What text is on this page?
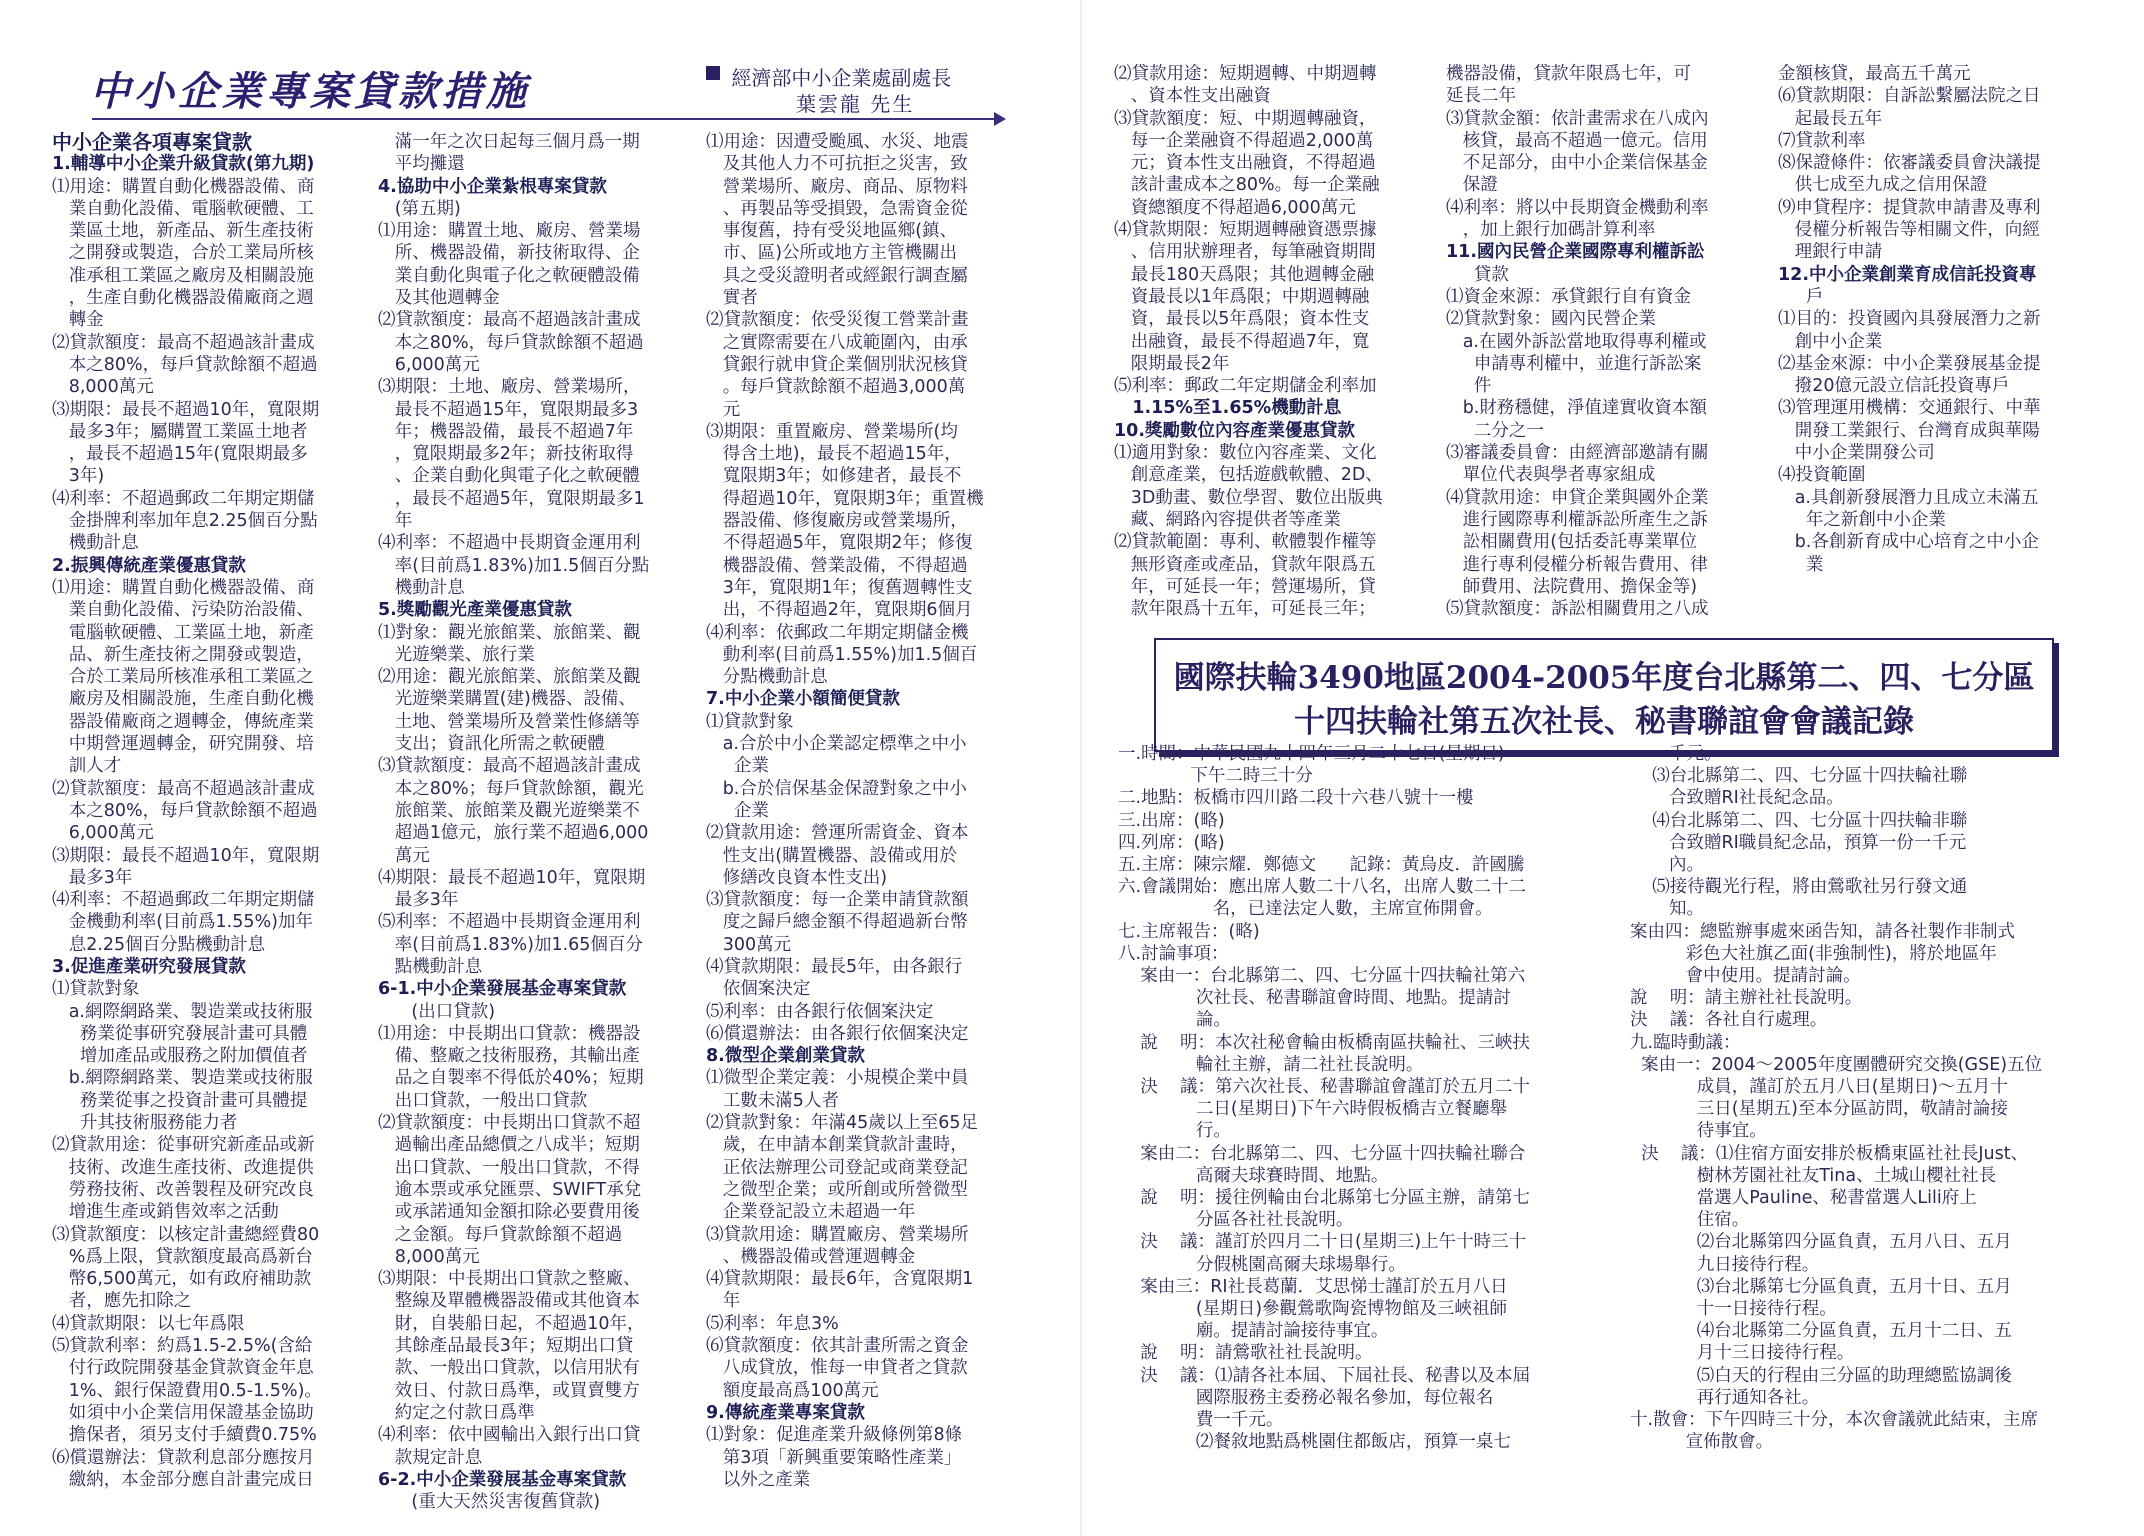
中小企業專案貸款措施	經濟部中小企業處副處長
葉雲龍 先生
中小企業各項專案貸款
1.輔導中小企業升級貸款(第九期)
⑴用途：購置自動化機器設備、商
業自動化設備、電腦軟硬體、工
業區土地，新產品、新生產技術
之開發或製造，合於工業局所核
准承租工業區之廠房及相關設施
，生產自動化機器設備廠商之週
轉金
⑵貸款額度：最高不超過該計畫成
本之80%，每戶貸款餘額不超過
8,000萬元
⑶期限：最長不超過10年，寬限期
最多3年；屬購置工業區土地者
，最長不超過15年(寬限期最多
3年)
⑷利率：不超過郵政二年期定期儲
金掛牌利率加年息2.25個百分點
機動計息
2.振興傳統產業優惠貸款
⑴用途：購置自動化機器設備、商
業自動化設備、污染防治設備、
電腦軟硬體、工業區土地，新產
品、新生產技術之開發或製造，
合於工業局所核准承租工業區之
廠房及相關設施，生產自動化機
器設備廠商之週轉金，傳統產業
中期營運週轉金，研究開發、培
訓人才
⑵貸款額度：最高不超過該計畫成
本之80%，每戶貸款餘額不超過
6,000萬元
⑶期限：最長不超過10年，寬限期
最多3年
⑷利率：不超過郵政二年期定期儲
金機動利率(目前爲1.55%)加年
息2.25個百分點機動計息
3.促進產業研究發展貸款
⑴貸款對象
a.網際網路業、製造業或技術服
務業從事研究發展計畫可具體
增加產品或服務之附加價值者
b.網際網路業、製造業或技術服
務業從事之投資計畫可具體提
升其技術服務能力者
⑵貸款用途：從事研究新產品或新
技術、改進生產技術、改進提供
勞務技術、改善製程及研究改良
增進生產或銷售效率之活動
⑶貸款額度：以核定計畫總經費80
%爲上限，貸款額度最高爲新台
幣6,500萬元，如有政府補助款
者，應先扣除之
⑷貸款期限：以七年爲限
⑸貸款利率：約爲1.5-2.5%(含給
付行政院開發基金貸款資金年息
1%、銀行保證費用0.5-1.5%)。
如須中小企業信用保證基金協助
擔保者，須另支付手續費0.75%
⑹償還辦法：貸款利息部分應按月
繳納，本金部分應自計畫完成日
滿一年之次日起每三個月爲一期
平均攤還
4.協助中小企業紮根專案貸款
(第五期)
⑴用途：購置土地、廠房、營業場
所、機器設備，新技術取得、企
業自動化與電子化之軟硬體設備
及其他週轉金
⑵貸款額度：最高不超過該計畫成
本之80%，每戶貸款餘額不超過
6,000萬元
⑶期限：土地、廠房、營業場所，
最長不超過15年，寬限期最多3
年；機器設備，最長不超過7年
，寬限期最多2年；新技術取得
、企業自動化與電子化之軟硬體
，最長不超過5年，寬限期最多1
年
⑷利率：不超過中長期資金運用利
率(目前爲1.83%)加1.5個百分點
機動計息
5.獎勵觀光產業優惠貸款
⑴對象：觀光旅館業、旅館業、觀
光遊樂業、旅行業
⑵用途：觀光旅館業、旅館業及觀
光遊樂業購置(建)機器、設備、
土地、營業場所及營業性修繕等
支出；資訊化所需之軟硬體
⑶貸款額度：最高不超過該計畫成
本之80%；每戶貸款餘額，觀光
旅館業、旅館業及觀光遊樂業不
超過1億元，旅行業不超過6,000
萬元
⑷期限：最長不超過10年，寬限期
最多3年
⑸利率：不超過中長期資金運用利
率(目前爲1.83%)加1.65個百分
點機動計息
6-1.中小企業發展基金專案貸款
(出口貸款)
⑴用途：中長期出口貸款：機器設
備、整廠之技術服務，其輸出產
品之自製率不得低於40%；短期
出口貸款，一般出口貸款
⑵貸款額度：中長期出口貸款不超
過輸出產品總價之八成半；短期
出口貸款、一般出口貸款，不得
逾本票或承兌匯票、SWIFT承兌
或承諾通知金額扣除必要費用後
之金額。每戶貸款餘額不超過
8,000萬元
⑶期限：中長期出口貸款之整廠、
整線及單體機器設備或其他資本
財，自裝船日起，不超過10年，
其餘產品最長3年；短期出口貸
款、一般出口貸款，以信用狀有
效日、付款日爲準，或買賣雙方
約定之付款日爲準
⑷利率：依中國輸出入銀行出口貸
款規定計息
6-2.中小企業發展基金專案貸款
(重大天然災害復舊貸款)
⑴用途：因遭受颱風、水災、地震
及其他人力不可抗拒之災害，致
營業場所、廠房、商品、原物料
、再製品等受損毀，急需資金從
事復舊，持有受災地區鄉(鎮、
市、區)公所或地方主管機關出
具之受災證明者或經銀行調查屬
實者
⑵貸款額度：依受災復工營業計畫
之實際需要在八成範圍內，由承
貸銀行就申貸企業個別狀況核貸
。每戶貸款餘額不超過3,000萬
元
⑶期限：重置廠房、營業場所(均
得含土地)，最長不超過15年，
寬限期3年；如修建者，最長不
得超過10年，寬限期3年；重置機
器設備、修復廠房或營業場所，
不得超過5年，寬限期2年；修復
機器設備、營業設備，不得超過
3年，寬限期1年；復舊週轉性支
出，不得超過2年，寬限期6個月
⑷利率：依郵政二年期定期儲金機
動利率(目前爲1.55%)加1.5個百
分點機動計息
7.中小企業小額簡便貸款
⑴貸款對象
a.合於中小企業認定標準之中小
企業
b.合於信保基金保證對象之中小
企業
⑵貸款用途：營運所需資金、資本
性支出(購置機器、設備或用於
修繕改良資本性支出)
⑶貸款額度：每一企業申請貸款額
度之歸戶總金額不得超過新台幣
300萬元
⑷貸款期限：最長5年，由各銀行
依個案決定
⑸利率：由各銀行依個案決定
⑹償還辦法：由各銀行依個案決定
8.微型企業創業貸款
⑴微型企業定義：小規模企業中員
工數未滿5人者
⑵貸款對象：年滿45歲以上至65足
歲，在申請本創業貸款計畫時，
正依法辦理公司登記或商業登記
之微型企業；或所創或所營微型
企業登記設立未超過一年
⑶貸款用途：購置廠房、營業場所
、機器設備或營運週轉金
⑷貸款期限：最長6年，含寬限期1
年
⑸利率：年息3%
⑹貸款額度：依其計畫所需之資金
八成貸放，惟每一申貸者之貸款
額度最高爲100萬元
9.傳統產業專案貸款
⑴對象：促進產業升級條例第8條
第3項「新興重要策略性產業」
以外之產業
⑵貸款用途：短期週轉、中期週轉
、資本性支出融資
⑶貸款額度：短、中期週轉融資，
每一企業融資不得超過2,000萬
元；資本性支出融資，不得超過
該計畫成本之80%。每一企業融
資總額度不得超過6,000萬元
⑷貸款期限：短期週轉融資憑票據
、信用狀辦理者，每筆融資期間
最長180天爲限；其他週轉金融
資最長以1年爲限；中期週轉融
資，最長以5年爲限；資本性支
出融資，最長不得超過7年，寬
限期最長2年
⑸利率：郵政二年定期儲金利率加
1.15%至1.65%機動計息
10.獎勵數位內容產業優惠貸款
⑴適用對象：數位內容產業、文化
創意產業，包括遊戲軟體、2D、
3D動畫、數位學習、數位出版典
藏、網路內容提供者等產業
⑵貸款範圍：專利、軟體製作權等
無形資產或產品，貸款年限爲五
年，可延長一年；營運場所，貸
款年限爲十五年，可延長三年；
機器設備，貸款年限爲七年，可
延長二年
⑶貸款金額：依計畫需求在八成內
核貸，最高不超過一億元。信用
不足部分，由中小企業信保基金
保證
⑷利率：將以中長期資金機動利率
，加上銀行加碼計算利率
11.國內民營企業國際專利權訴訟
貸款
⑴資金來源：承貸銀行自有資金
⑵貸款對象：國內民營企業
a.在國外訴訟當地取得專利權或
申請專利權中，並進行訴訟案
件
b.財務穩健，淨值達實收資本額
二分之一
⑶審議委員會：由經濟部邀請有關
單位代表與學者專家組成
⑷貸款用途：申貸企業與國外企業
進行國際專利權訴訟所產生之訴
訟相關費用(包括委託專業單位
進行專利侵權分析報告費用、律
師費用、法院費用、擔保金等)
⑸貸款額度：訴訟相關費用之八成
金額核貸，最高五千萬元
⑹貸款期限：自訴訟繫屬法院之日
起最長五年
⑺貸款利率
⑻保證條件：依審議委員會決議提
供七成至九成之信用保證
⑼申貸程序：提貸款申請書及專利
侵權分析報告等相關文件，向經
理銀行申請
12.中小企業創業育成信託投資專
戶
⑴目的：投資國內具發展潛力之新
創中小企業
⑵基金來源：中小企業發展基金提
撥20億元設立信託投資專戶
⑶管理運用機構：交通銀行、中華
開發工業銀行、台灣育成與華陽
中小企業開發公司
⑷投資範圍
a.具創新發展潛力且成立未滿五
年之新創中小企業
b.各創新育成中心培育之中小企
業
國際扶輪3490地區2004-2005年度台北縣第二、四、七分區
十四扶輪社第五次社長、秘書聯誼會會議記錄
一.時間：中華民國九十四年三月二十七日(星期日)
下午二時三十分
二.地點：板橋市四川路二段十六巷八號十一樓
三.出席：(略)
四.列席：(略)
五.主席：陳宗耀．鄭德文      記錄：黃烏皮．許國騰
六.會議開始：應出席人數二十八名，出席人數二十二
名，已達法定人數，主席宣佈開會。
七.主席報告：(略)
八.討論事項：
案由一：台北縣第二、四、七分區十四扶輪社第六
次社長、秘書聯誼會時間、地點。提請討
論。
說    明：本次社秘會輪由板橋南區扶輪社、三峽扶
輪社主辦，請二社社長說明。
決    議：第六次社長、秘書聯誼會謹訂於五月二十
二日(星期日)下午六時假板橋吉立餐廳舉
行。
案由二：台北縣第二、四、七分區十四扶輪社聯合
高爾夫球賽時間、地點。
說    明：援往例輪由台北縣第七分區主辦，請第七
分區各社社長說明。
決    議：謹訂於四月二十日(星期三)上午十時三十
分假桃園高爾夫球場舉行。
案由三：RI社長葛蘭．艾思悌士謹訂於五月八日
(星期日)參觀鶯歌陶瓷博物館及三峽祖師
廟。提請討論接待事宜。
說    明：請鶯歌社社長說明。
決    議：⑴請各社本屆、下屆社長、秘書以及本屆
國際服務主委務必報名參加，每位報名
費一千元。
⑵餐敘地點爲桃園住都飯店，預算一桌七
千元。
⑶台北縣第二、四、七分區十四扶輪社聯
合致贈RI社長紀念品。
⑷台北縣第二、四、七分區十四扶輪非聯
合致贈RI職員紀念品，預算一份一千元
內。
⑸接待觀光行程，將由鶯歌社另行發文通
知。
案由四：總監辦事處來函告知，請各社製作非制式
彩色大社旗乙面(非強制性)，將於地區年
會中使用。提請討論。
說    明：請主辦社社長說明。
決    議：各社自行處理。
九.臨時動議：
案由一：2004～2005年度團體研究交換(GSE)五位
成員，謹訂於五月八日(星期日)～五月十
三日(星期五)至本分區訪問，敬請討論接
待事宜。
決    議：⑴住宿方面安排於板橋東區社社長Just、
樹林芳園社社友Tina、土城山櫻社社長
當選人Pauline、秘書當選人Lili府上
住宿。
⑵台北縣第四分區負責，五月八日、五月
九日接待行程。
⑶台北縣第七分區負責，五月十日、五月
十一日接待行程。
⑷台北縣第二分區負責，五月十二日、五
月十三日接待行程。
⑸白天的行程由三分區的助理總監協調後
再行通知各社。
十.散會：下午四時三十分，本次會議就此結束，主席
宣佈散會。
